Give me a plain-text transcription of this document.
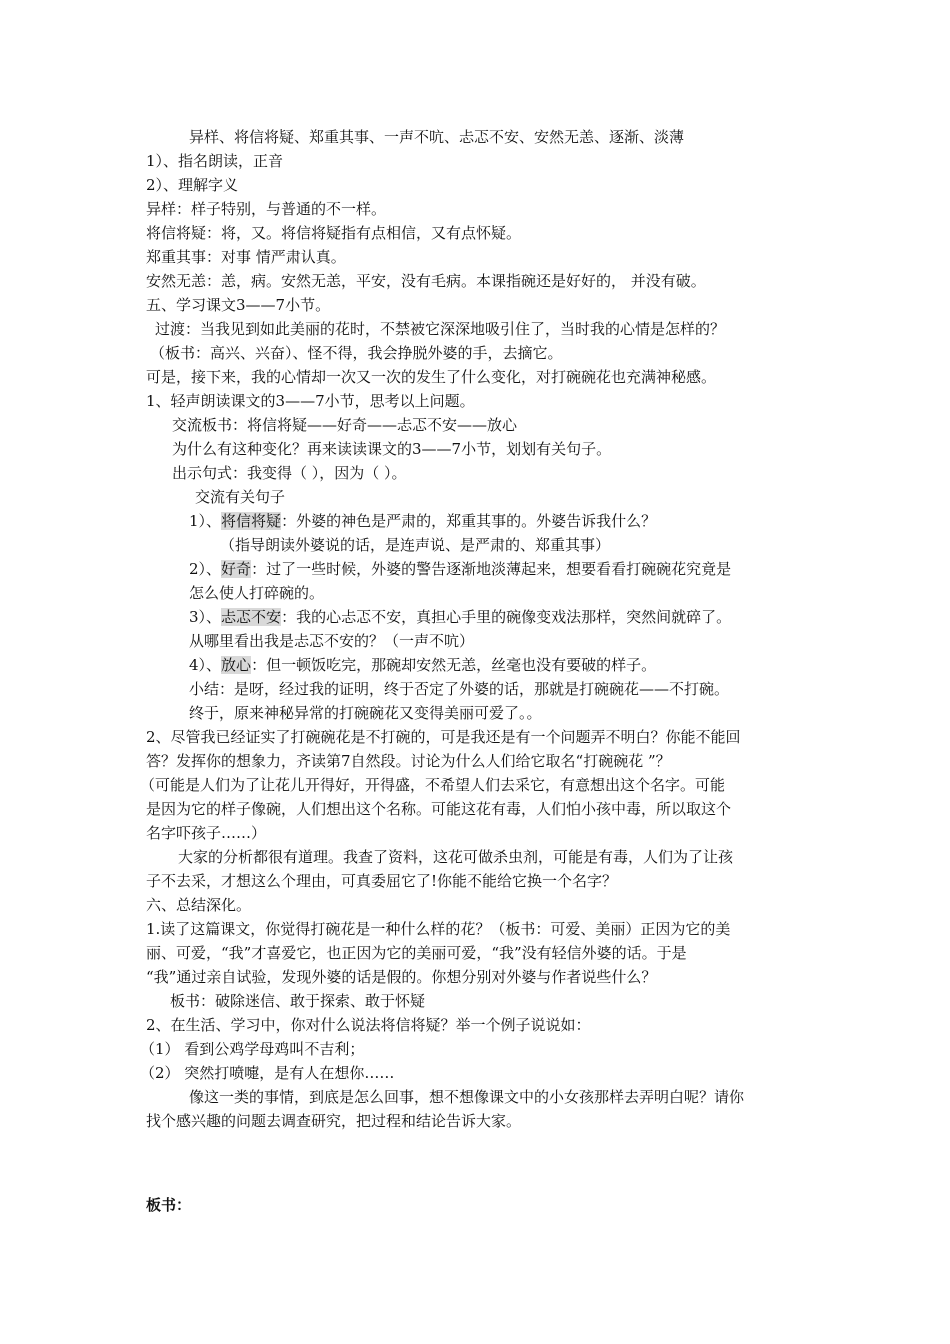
异样、将信将疑、郑重其事、一声不吭、忐忑不安、安然无恙、逐渐、淡薄
1）、指名朗读，正音
2）、理解字义
异样：样子特别，与普通的不一样。
将信将疑：将，又。将信将疑指有点相信，又有点怀疑。
郑重其事：对事 情严肃认真。
安然无恙：恙，病。安然无恙，平安，没有毛病。本课指碗还是好好的， 并没有破。
五、学习课文3——7小节。
过渡：当我见到如此美丽的花时，不禁被它深深地吸引住了，当时我的心情是怎样的？
（板书：高兴、兴奋）、怪不得，我会挣脱外婆的手，去摘它。
可是，接下来，我的心情却一次又一次的发生了什么变化，对打碗碗花也充满神秘感。
1、轻声朗读课文的3——7小节，思考以上问题。
交流板书：将信将疑——好奇——忐忑不安——放心
为什么有这种变化？再来读读课文的3——7小节，划划有关句子。
出示句式：我变得（ ），因为（ ）。
交流有关句子
1）、将信将疑：外婆的神色是严肃的，郑重其事的。外婆告诉我什么？
（指导朗读外婆说的话，是连声说、是严肃的、郑重其事）
2）、好奇：过了一些时候，外婆的警告逐渐地淡薄起来，想要看看打碗碗花究竟是
怎么使人打碎碗的。
3）、忐忑不安：我的心忐忑不安，真担心手里的碗像变戏法那样，突然间就碎了。
从哪里看出我是忐忑不安的？（一声不吭）
4）、放心：但一顿饭吃完，那碗却安然无恙，丝毫也没有要破的样子。
小结：是呀，经过我的证明，终于否定了外婆的话，那就是打碗碗花——不打碗。
终于，原来神秘异常的打碗碗花又变得美丽可爱了。。
2、尽管我已经证实了打碗碗花是不打碗的，可是我还是有一个问题弄不明白？你能不能回
答？发挥你的想象力，齐读第7自然段。讨论为什么人们给它取名“打碗碗花 ”？
（可能是人们为了让花儿开得好，开得盛，不希望人们去采它，有意想出这个名字。可能
是因为它的样子像碗，人们想出这个名称。可能这花有毒，人们怕小孩中毒，所以取这个
名字吓孩子……）
大家的分析都很有道理。我查了资料，这花可做杀虫剂，可能是有毒，人们为了让孩
子不去采，才想这么个理由，可真委屈它了!你能不能给它换一个名字？
六、总结深化。
1.读了这篇课文，你觉得打碗花是一种什么样的花？（板书：可爱、美丽）正因为它的美
丽、可爱，“我”才喜爱它，也正因为它的美丽可爱，“我”没有轻信外婆的话。于是
“我”通过亲自试验，发现外婆的话是假的。你想分别对外婆与作者说些什么？
板书：破除迷信、敢于探索、敢于怀疑
2、在生活、学习中，你对什么说法将信将疑？举一个例子说说如：
（1） 看到公鸡学母鸡叫不吉利；
（2） 突然打喷嚏，是有人在想你……
像这一类的事情，到底是怎么回事，想不想像课文中的小女孩那样去弄明白呢？请你
找个感兴趣的问题去调查研究，把过程和结论告诉大家。
板书：
